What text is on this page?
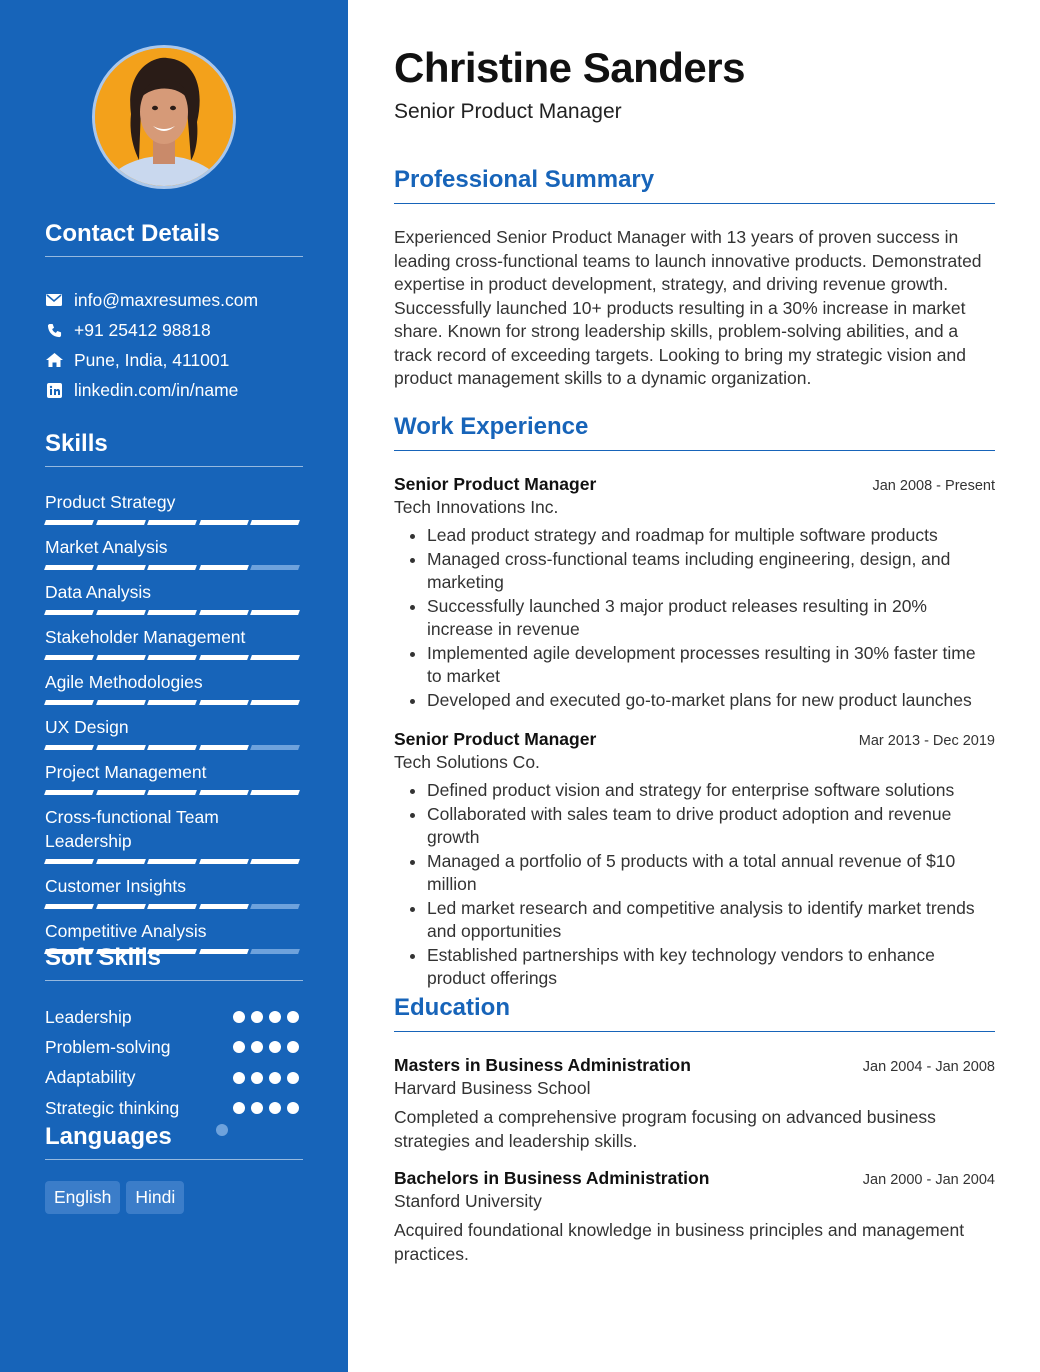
Contact Details
info@maxresumes.com
+91 25412 98818
Pune, India, 411001
linkedin.com/in/name
Skills
Product Strategy
Market Analysis
Data Analysis
Stakeholder Management
Agile Methodologies
UX Design
Project Management
Cross-functional Team Leadership
Customer Insights
Competitive Analysis
Soft Skills
Leadership
Problem-solving
Adaptability
Strategic thinking
Languages
English	Hindi
Christine Sanders
Senior Product Manager
Professional Summary

Experienced Senior Product Manager with 13 years of proven success in leading cross-functional teams to launch innovative products. Demonstrated expertise in product development, strategy, and driving revenue growth. Successfully launched 10+ products resulting in a 30% increase in market share. Known for strong leadership skills, problem-solving abilities, and a track record of exceeding targets. Looking to bring my strategic vision and product management skills to a dynamic organization.

Work Experience
Senior Product Manager	Jan 2008 - Present
Tech Innovations Inc.
• Lead product strategy and roadmap for multiple software products
• Managed cross-functional teams including engineering, design, and marketing
• Successfully launched 3 major product releases resulting in 20% increase in revenue
• Implemented agile development processes resulting in 30% faster time to market
• Developed and executed go-to-market plans for new product launches
Senior Product Manager	Mar 2013 - Dec 2019
Tech Solutions Co.
• Defined product vision and strategy for enterprise software solutions
• Collaborated with sales team to drive product adoption and revenue growth
• Managed a portfolio of 5 products with a total annual revenue of $10 million
• Led market research and competitive analysis to identify market trends and opportunities
• Established partnerships with key technology vendors to enhance product offerings
Education
Masters in Business Administration	Jan 2004 - Jan 2008
Harvard Business School

Completed a comprehensive program focusing on advanced business strategies and leadership skills.

Bachelors in Business Administration	Jan 2000 - Jan 2004
Stanford University

Acquired foundational knowledge in business principles and management practices.
